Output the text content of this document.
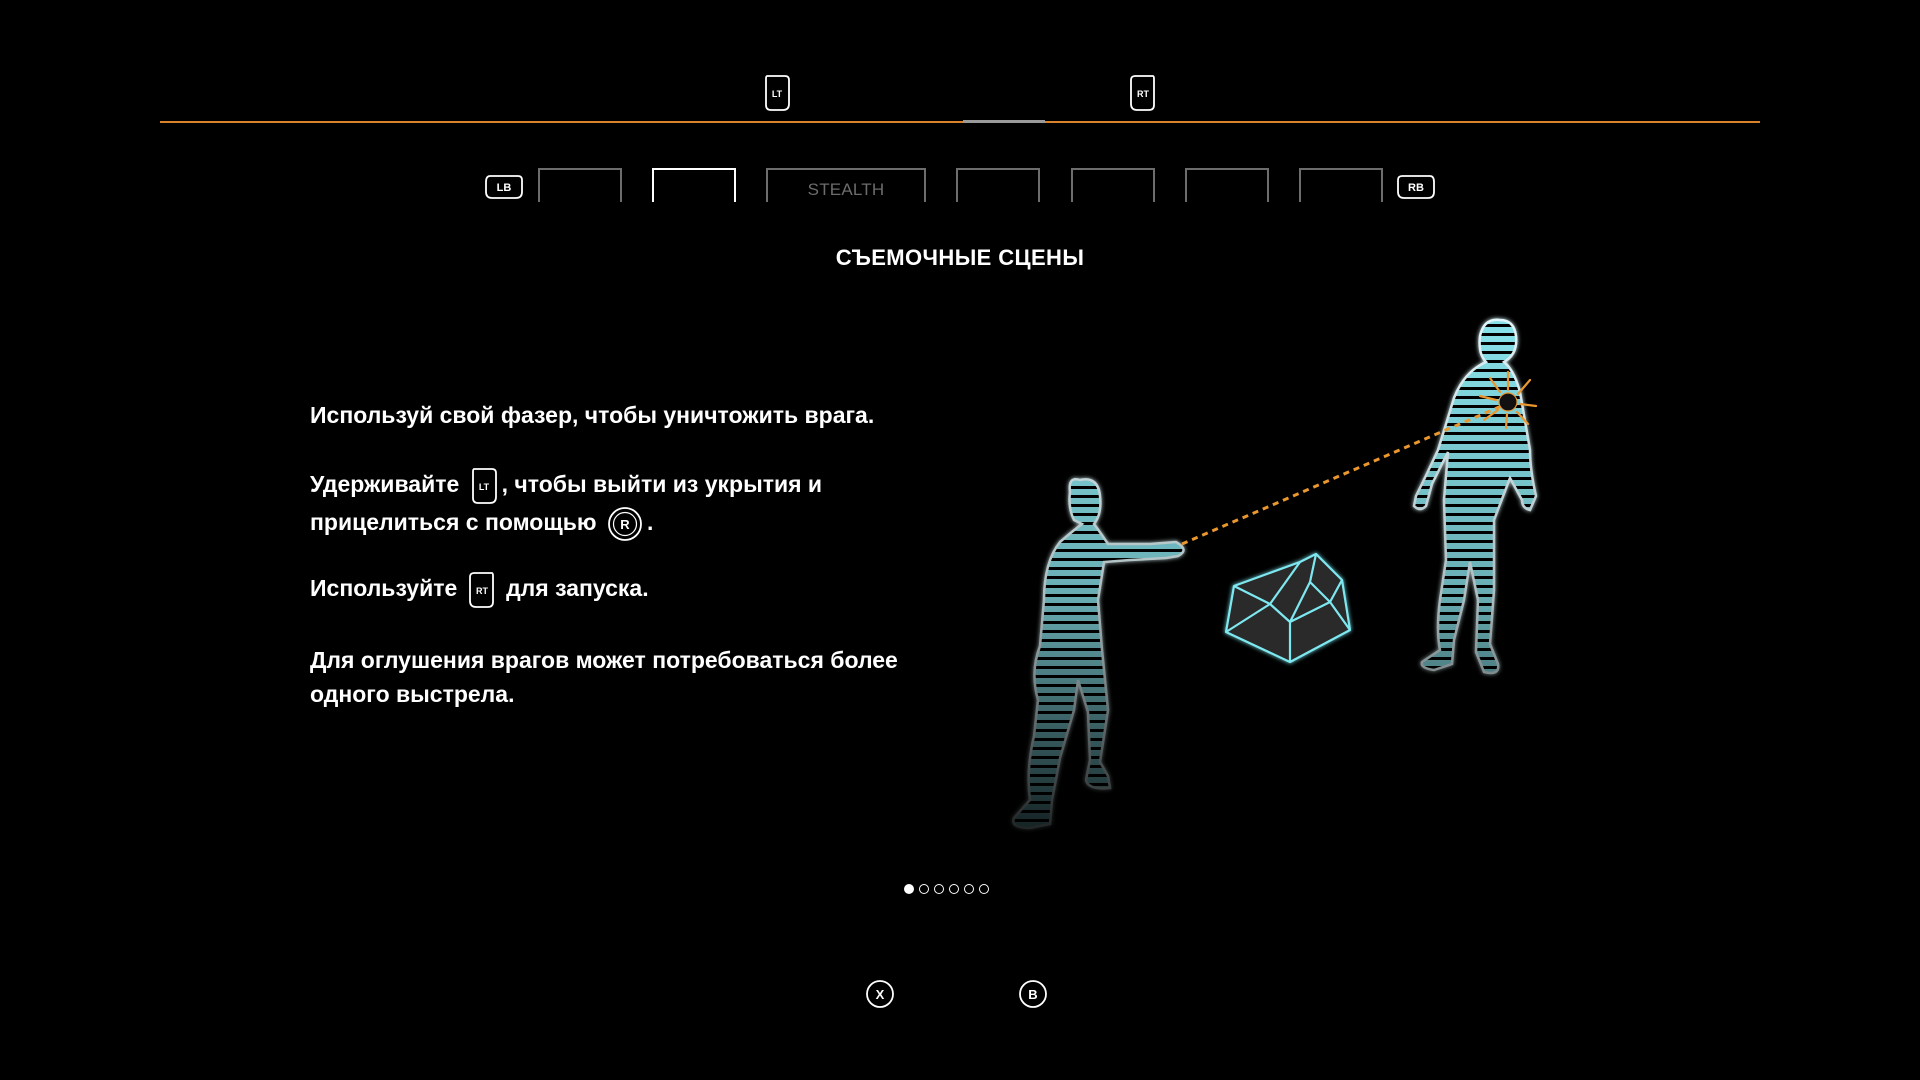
LT	RT
LB	STEALTH	RB
СЪЕМОЧНЫЕ СЦЕНЫ

Используй свой фазер, чтобы уничтожить врага.

Удерживайте LT , чтобы выйти из укрытия и прицелиться с помощью R .

Используйте RT для запуска.

Для оглушения врагов может потребоваться более одного выстрела.

X	B
